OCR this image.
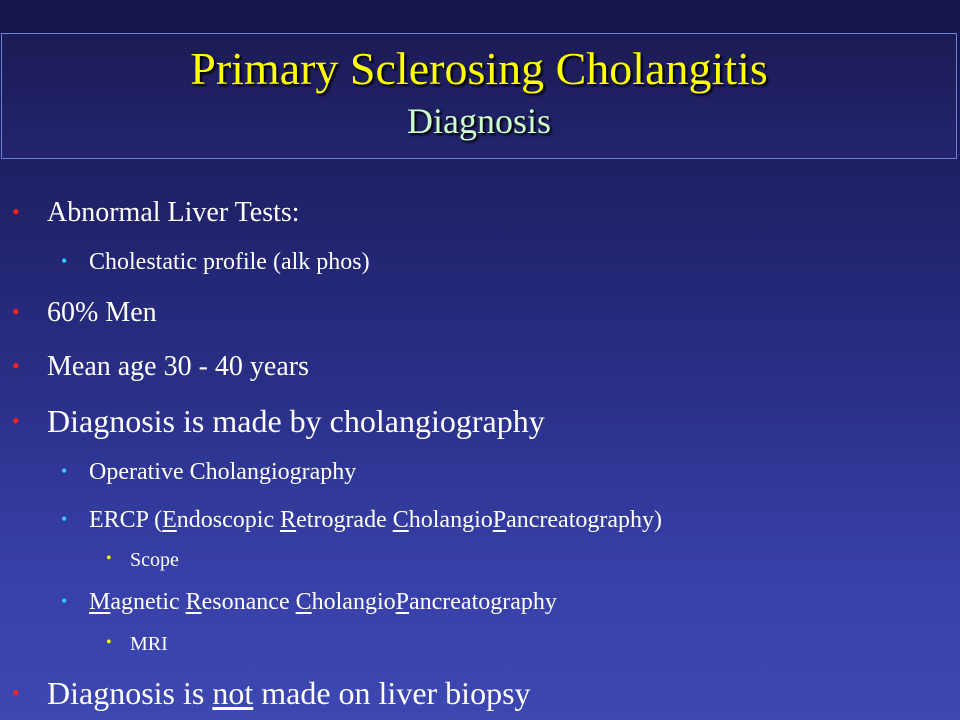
Primary Sclerosing Cholangitis
Diagnosis
• Abnormal Liver Tests:
• Cholestatic profile (alk phos)
• 60% Men
• Mean age 30 - 40 years
• Diagnosis is made by cholangiography
• Operative Cholangiography
• ERCP (Endoscopic Retrograde CholangioPancreatography)
• Scope
• Magnetic Resonance CholangioPancreatography
• MRI
• Diagnosis is not made on liver biopsy
